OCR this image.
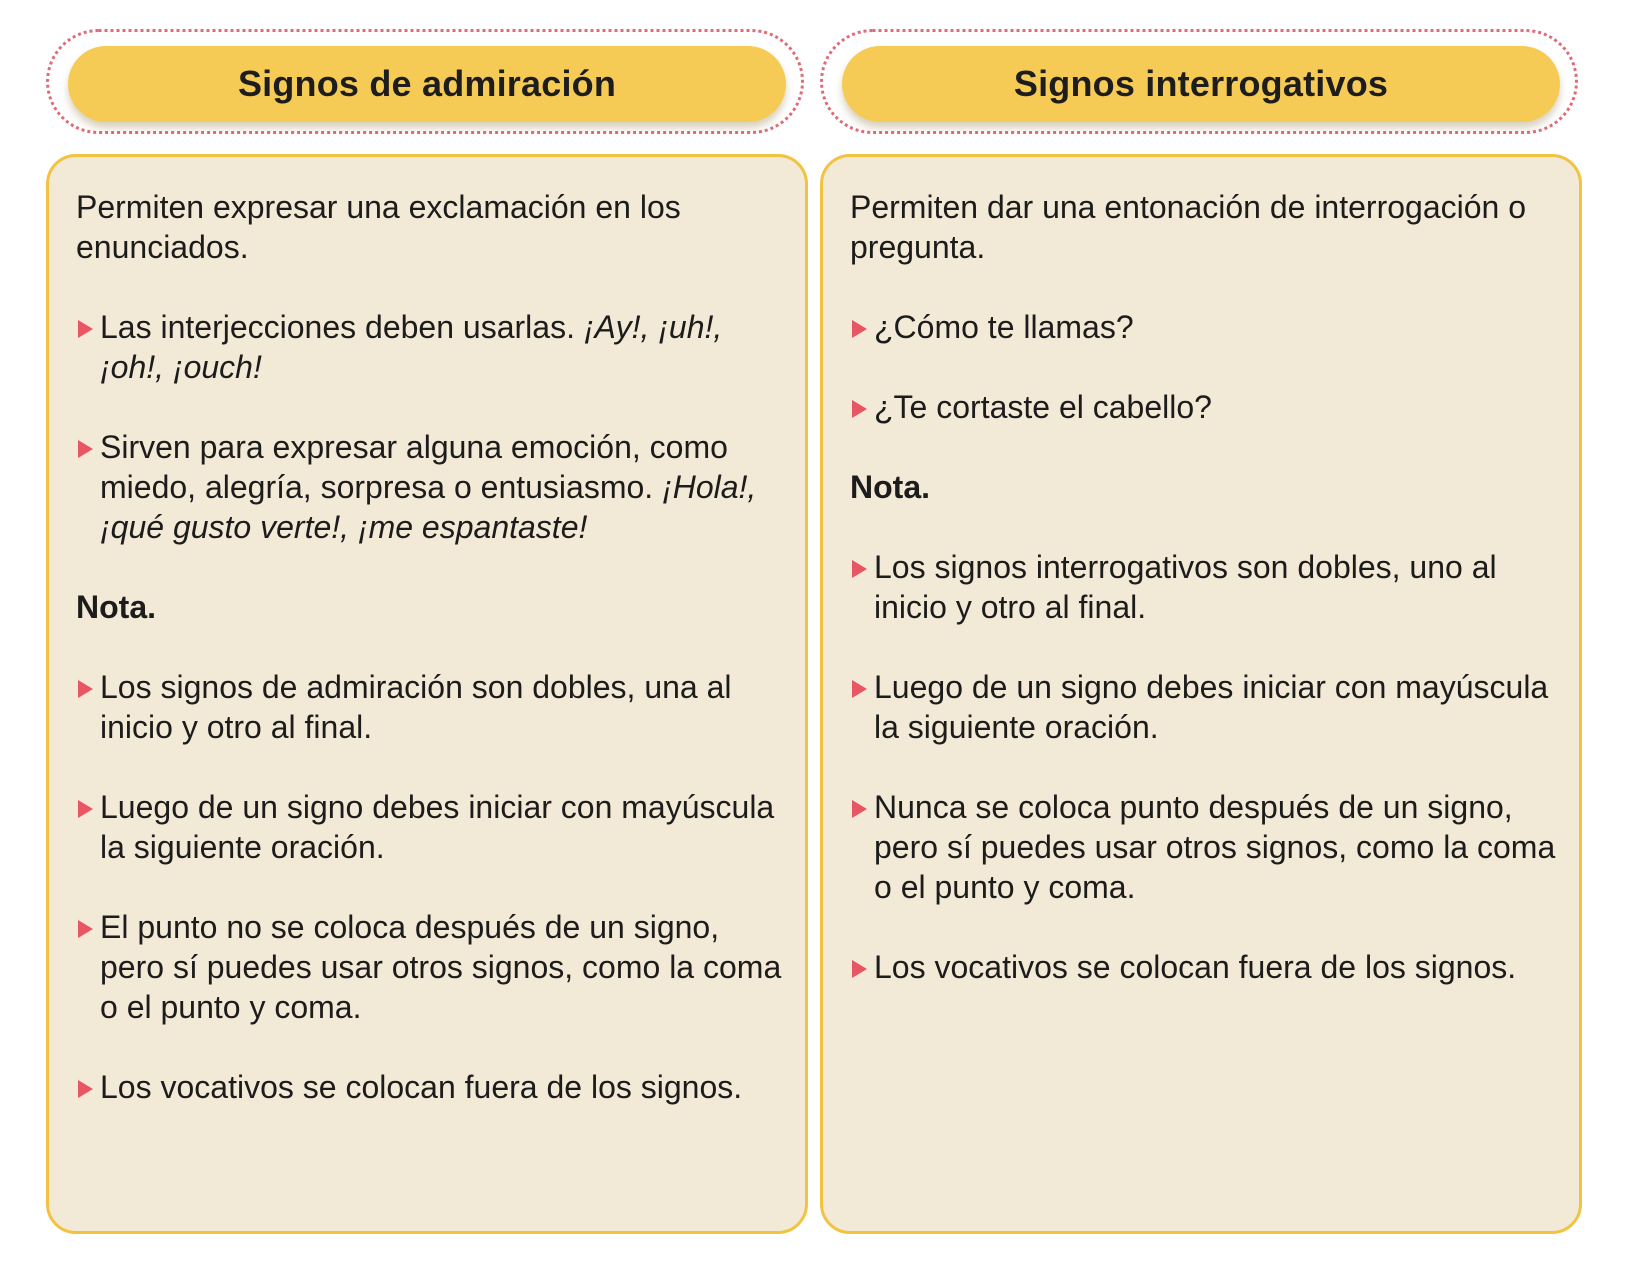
Signos de admiración

Permiten expresar una exclamación en los enunciados.

Las interjecciones deben usarlas. ¡Ay!, ¡uh!, ¡oh!, ¡ouch!
Sirven para expresar alguna emoción, como miedo, alegría, sorpresa o entusiasmo. ¡Hola!, ¡qué gusto verte!, ¡me espantaste!
Nota.
Los signos de admiración son dobles, una al inicio y otro al final.
Luego de un signo debes iniciar con mayúscula la siguiente oración.
El punto no se coloca después de un signo, pero sí puedes usar otros signos, como la coma o el punto y coma.
Los vocativos se colocan fuera de los signos.
Signos interrogativos

Permiten dar una entonación de interrogación o pregunta.

¿Cómo te llamas?
¿Te cortaste el cabello?
Nota.
Los signos interrogativos son dobles, uno al inicio y otro al final.
Luego de un signo debes iniciar con mayúscula la siguiente oración.
Nunca se coloca punto después de un signo, pero sí puedes usar otros signos, como la coma o el punto y coma.
Los vocativos se colocan fuera de los signos.
